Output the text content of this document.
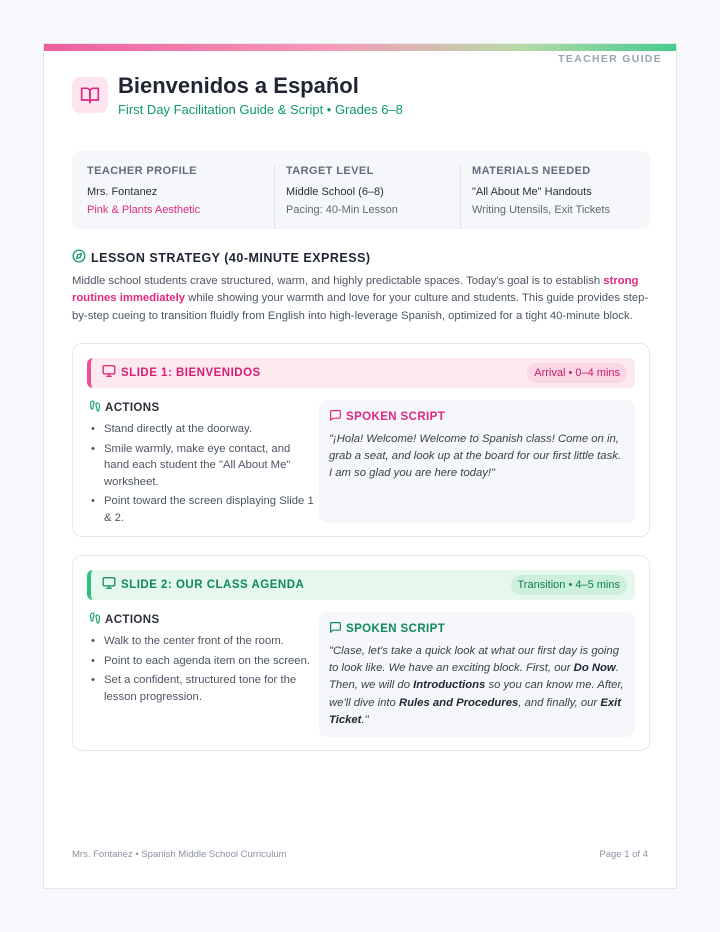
TEACHER GUIDE
Bienvenidos a Español
First Day Facilitation Guide & Script • Grades 6–8
TEACHER PROFILE
Mrs. Fontanez
Pink & Plants Aesthetic
TARGET LEVEL
Middle School (6–8)
Pacing: 40-Min Lesson
MATERIALS NEEDED
"All About Me" Handouts
Writing Utensils, Exit Tickets
LESSON STRATEGY (40-MINUTE EXPRESS)

Middle school students crave structured, warm, and highly predictable spaces. Today's goal is to establish strong routines immediately while showing your warmth and love for your culture and students. This guide provides step-by-step cueing to transition fluidly from English into high-leverage Spanish, optimized for a tight 40-minute block.

SLIDE 1: BIENVENIDOS	Arrival • 0–4 mins
ACTIONS
• Stand directly at the doorway.
• Smile warmly, make eye contact, and hand each student the "All About Me" worksheet.
• Point toward the screen displaying Slide 1 & 2.
SPOKEN SCRIPT
"¡Hola! Welcome! Welcome to Spanish class! Come on in, grab a seat, and look up at the board for our first little task. I am so glad you are here today!"
SLIDE 2: OUR CLASS AGENDA	Transition • 4–5 mins
ACTIONS
• Walk to the center front of the room.
• Point to each agenda item on the screen.
• Set a confident, structured tone for the lesson progression.
SPOKEN SCRIPT
"Clase, let's take a quick look at what our first day is going to look like. We have an exciting block. First, our Do Now. Then, we will do Introductions so you can know me. After, we'll dive into Rules and Procedures, and finally, our Exit Ticket."
Mrs. Fontanez • Spanish Middle School Curriculum	Page 1 of 4
